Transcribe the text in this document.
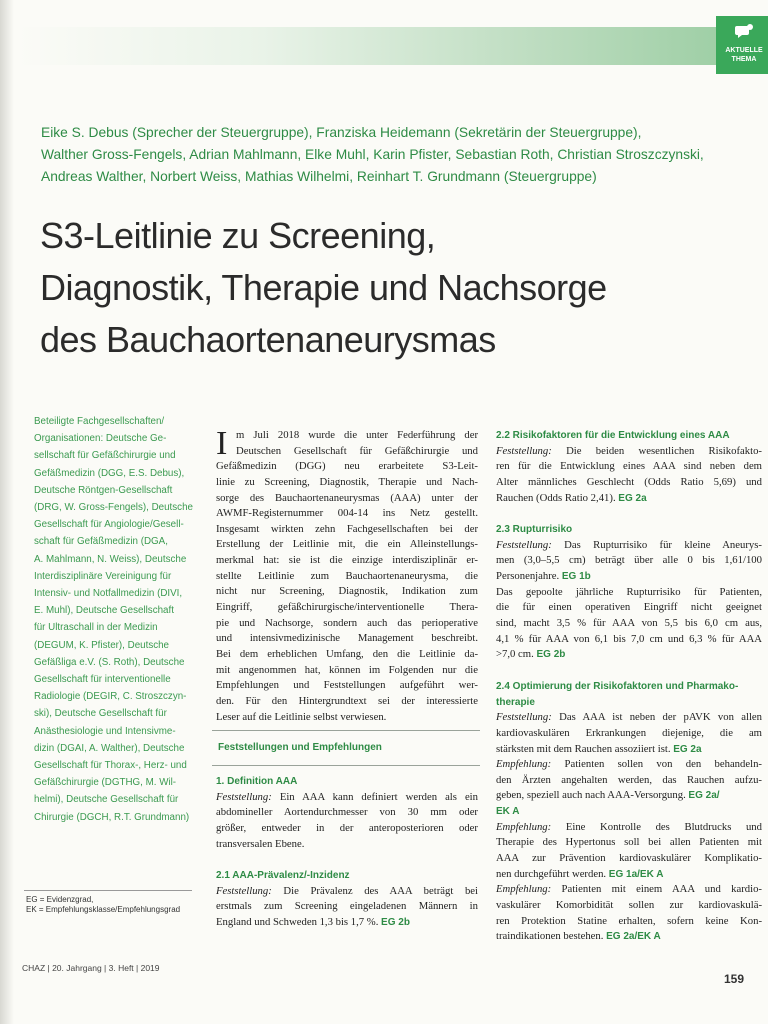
AKTUELLE
THEMA
Eike S. Debus (Sprecher der Steuergruppe), Franziska Heidemann (Sekretärin der Steuergruppe),
Walther Gross-Fengels, Adrian Mahlmann, Elke Muhl, Karin Pfister, Sebastian Roth, Christian Stroszczynski,
Andreas Walther, Norbert Weiss, Mathias Wilhelmi, Reinhart T. Grundmann (Steuergruppe)
S3-Leitlinie zu Screening,
Diagnostik, Therapie und Nachsorge
des Bauchaortenaneurysmas
Beteiligte Fachgesellschaften/
Organisationen: Deutsche Ge-
sellschaft für Gefäßchirurgie und
Gefäßmedizin (DGG, E.S. Debus),
Deutsche Röntgen-Gesellschaft
(DRG, W. Gross-Fengels), Deutsche
Gesellschaft für Angiologie/Gesell-
schaft für Gefäßmedizin (DGA,
A. Mahlmann, N. Weiss), Deutsche
Interdisziplinäre Vereinigung für
Intensiv- und Notfallmedizin (DIVI,
E. Muhl), Deutsche Gesellschaft
für Ultraschall in der Medizin
(DEGUM, K. Pfister), Deutsche
Gefäßliga e.V. (S. Roth), Deutsche
Gesellschaft für interventionelle
Radiologie (DEGIR, C. Stroszczyn-
ski), Deutsche Gesellschaft für
Anästhesiologie und Intensivme-
dizin (DGAI, A. Walther), Deutsche
Gesellschaft für Thorax-, Herz- und
Gefäßchirurgie (DGTHG, M. Wil-
helmi), Deutsche Gesellschaft für
Chirurgie (DGCH, R.T. Grundmann)
EG = Evidenzgrad,
EK = Empfehlungsklasse/Empfehlungsgrad
I m Juli 2018 wurde die unter Federführung der
Deutschen Gesellschaft für Gefäßchirurgie und
Gefäßmedizin (DGG) neu erarbeitete S3-Leit-
linie zu Screening, Diagnostik, Therapie und Nach-
sorge des Bauchaortenaneurysmas (AAA) unter der
AWMF-Registernummer 004-14 ins Netz gestellt.
Insgesamt wirkten zehn Fachgesellschaften bei der
Erstellung der Leitlinie mit, die ein Alleinstellungs-
merkmal hat: sie ist die einzige interdisziplinär er-
stellte Leitlinie zum Bauchaortenaneurysma, die
nicht nur Screening, Diagnostik, Indikation zum
Eingriff, gefäßchirurgische/interventionelle Thera-
pie und Nachsorge, sondern auch das perioperative
und intensivmedizinische Management beschreibt.
Bei dem erheblichen Umfang, den die Leitlinie da-
mit angenommen hat, können im Folgenden nur die
Empfehlungen und Feststellungen aufgeführt wer-
den. Für den Hintergrundtext sei der interessierte
Leser auf die Leitlinie selbst verwiesen.
Feststellungen und Empfehlungen
1. Definition AAA
Feststellung: Ein AAA kann definiert werden als ein
abdomineller Aortendurchmesser von 30 mm oder
größer, entweder in der anteroposterioren oder
transversalen Ebene.
2.1 AAA-Prävalenz/-Inzidenz
Feststellung: Die Prävalenz des AAA beträgt bei
erstmals zum Screening eingeladenen Männern in
England und Schweden 1,3 bis 1,7 %. EG 2b
2.2 Risikofaktoren für die Entwicklung eines AAA
Feststellung: Die beiden wesentlichen Risikofakto-
ren für die Entwicklung eines AAA sind neben dem
Alter männliches Geschlecht (Odds Ratio 5,69) und
Rauchen (Odds Ratio 2,41). EG 2a
2.3 Rupturrisiko
Feststellung: Das Rupturrisiko für kleine Aneurys-
men (3,0–5,5 cm) beträgt über alle 0 bis 1,61/100
Personenjahre. EG 1b
Das gepoolte jährliche Rupturrisiko für Patienten,
die für einen operativen Eingriff nicht geeignet
sind, macht 3,5 % für AAA von 5,5 bis 6,0 cm aus,
4,1 % für AAA von 6,1 bis 7,0 cm und 6,3 % für AAA
>7,0 cm. EG 2b
2.4 Optimierung der Risikofaktoren und Pharmako-
therapie
Feststellung: Das AAA ist neben der pAVK von allen
kardiovaskulären Erkrankungen diejenige, die am
stärksten mit dem Rauchen assoziiert ist. EG 2a
Empfehlung: Patienten sollen von den behandeln-
den Ärzten angehalten werden, das Rauchen aufzu-
geben, speziell auch nach AAA-Versorgung. EG 2a/
EK A
Empfehlung: Eine Kontrolle des Blutdrucks und
Therapie des Hypertonus soll bei allen Patienten mit
AAA zur Prävention kardiovaskulärer Komplikatio-
nen durchgeführt werden. EG 1a/EK A
Empfehlung: Patienten mit einem AAA und kardio-
vaskulärer Komorbidität sollen zur kardiovaskulä-
ren Protektion Statine erhalten, sofern keine Kon-
traindikationen bestehen. EG 2a/EK A
CHAZ | 20. Jahrgang | 3. Heft | 2019
159
